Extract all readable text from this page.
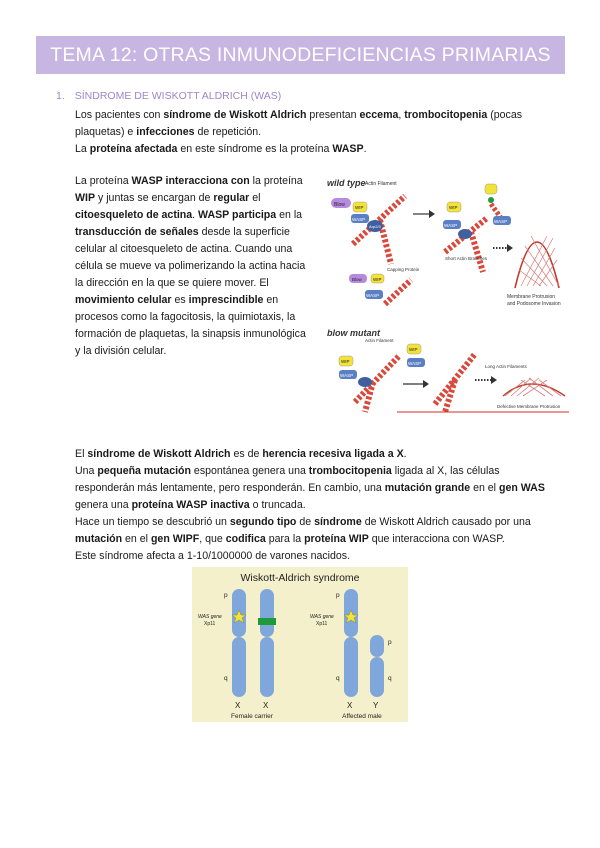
TEMA 12: OTRAS INMUNODEFICIENCIAS PRIMARIAS
1. SÍNDROME DE WISKOTT ALDRICH (WAS)

Los pacientes con síndrome de Wiskott Aldrich presentan eccema, trombocitopenia (pocas

plaquetas) e infecciones de repetición.

La proteína afectada en este síndrome es la proteína WASP.

La proteína WASP interacciona con la proteína

WIP y juntas se encargan de regular el

citoesqueleto de actina. WASP participa en la

transducción de señales desde la superficie

celular al citoesqueleto de actina. Cuando una

célula se mueve va polimerizando la actina hacia

la dirección en la que se quiere mover. El

movimiento celular es imprescindible en

procesos como la fagocitosis, la quimiotaxis, la

formación de plaquetas, la sinapsis inmunológica

y la división celular.

wild type Actin Filament
Blow WIP
WASP
Arp2/3
WIP
WASP
WASP
Short Actin Branches
Capping Protein
Blow WIP
WASP	Membrane Protrusion
and Podosome Invasion
blow mutant
Actin Filament
WIP
WASP
WIP
WASP
Long Actin Filaments
Defective Membrane Protrusion

El síndrome de Wiskott Aldrich es de herencia recesiva ligada a X.

Una pequeña mutación espontánea genera una trombocitopenia ligada al X, las células

responderán más lentamente, pero responderán. En cambio, una mutación grande en el gen WAS

genera una proteína WASP inactiva o truncada.

Hace un tiempo se descubrió un segundo tipo de síndrome de Wiskott Aldrich causado por una

mutación en el gen WIPF, que codifica para la proteína WIP que interacciona con WASP.

Este síndrome afecta a 1-10/1000000 de varones nacidos.

Wiskott-Aldrich syndrome
p
q
WAS gene
Xp11
X	X
Female carrier
p
q
p
q
WAS gene
Xp11
X	Y
Affected male
